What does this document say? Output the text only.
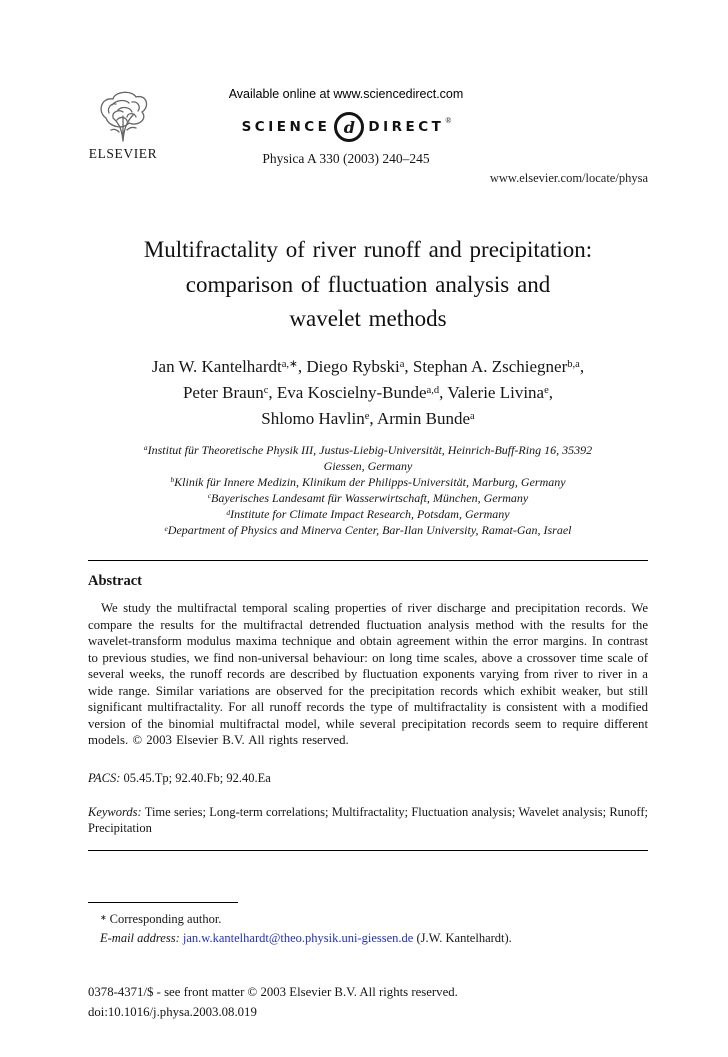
ELSEVIER
Available online at www.sciencedirect.com
SCIENCE d DIRECT ®
Physica A 330 (2003) 240–245
www.elsevier.com/locate/physa
Multifractality of river runoff and precipitation:
comparison of fluctuation analysis and
wavelet methods
Jan W. Kantelhardt$^{a,∗}$, Diego Rybski$^a$, Stephan A. Zschiegner$^{b,a}$,
Peter Braun$^c$, Eva Koscielny-Bunde$^{a,d}$, Valerie Livina$^e$,
Shlomo Havlin$^e$, Armin Bunde$^a$
$^a$Institut für Theoretische Physik III, Justus-Liebig-Universität, Heinrich-Buff-Ring 16, 35392 Giessen, Germany
$^b$Klinik für Innere Medizin, Klinikum der Philipps-Universität, Marburg, Germany
$^c$Bayerisches Landesamt für Wasserwirtschaft, München, Germany
$^d$Institute for Climate Impact Research, Potsdam, Germany
$^e$Department of Physics and Minerva Center, Bar-Ilan University, Ramat-Gan, Israel
Abstract

We study the multifractal temporal scaling properties of river discharge and precipitation records. We compare the results for the multifractal detrended fluctuation analysis method with the results for the wavelet-transform modulus maxima technique and obtain agreement within the error margins. In contrast to previous studies, we find non-universal behaviour: on long time scales, above a crossover time scale of several weeks, the runoff records are described by fluctuation exponents varying from river to river in a wide range. Similar variations are observed for the precipitation records which exhibit weaker, but still significant multifractality. For all runoff records the type of multifractality is consistent with a modified version of the binomial multifractal model, while several precipitation records seem to require different models. © 2003 Elsevier B.V. All rights reserved.

PACS: 05.45.Tp; 92.40.Fb; 92.40.Ea
Keywords: Time series; Long-term correlations; Multifractality; Fluctuation analysis; Wavelet analysis; Runoff; Precipitation
∗ Corresponding author.
E-mail address: jan.w.kantelhardt@theo.physik.uni-giessen.de (J.W. Kantelhardt).
0378-4371/$ - see front matter © 2003 Elsevier B.V. All rights reserved.
doi:10.1016/j.physa.2003.08.019
